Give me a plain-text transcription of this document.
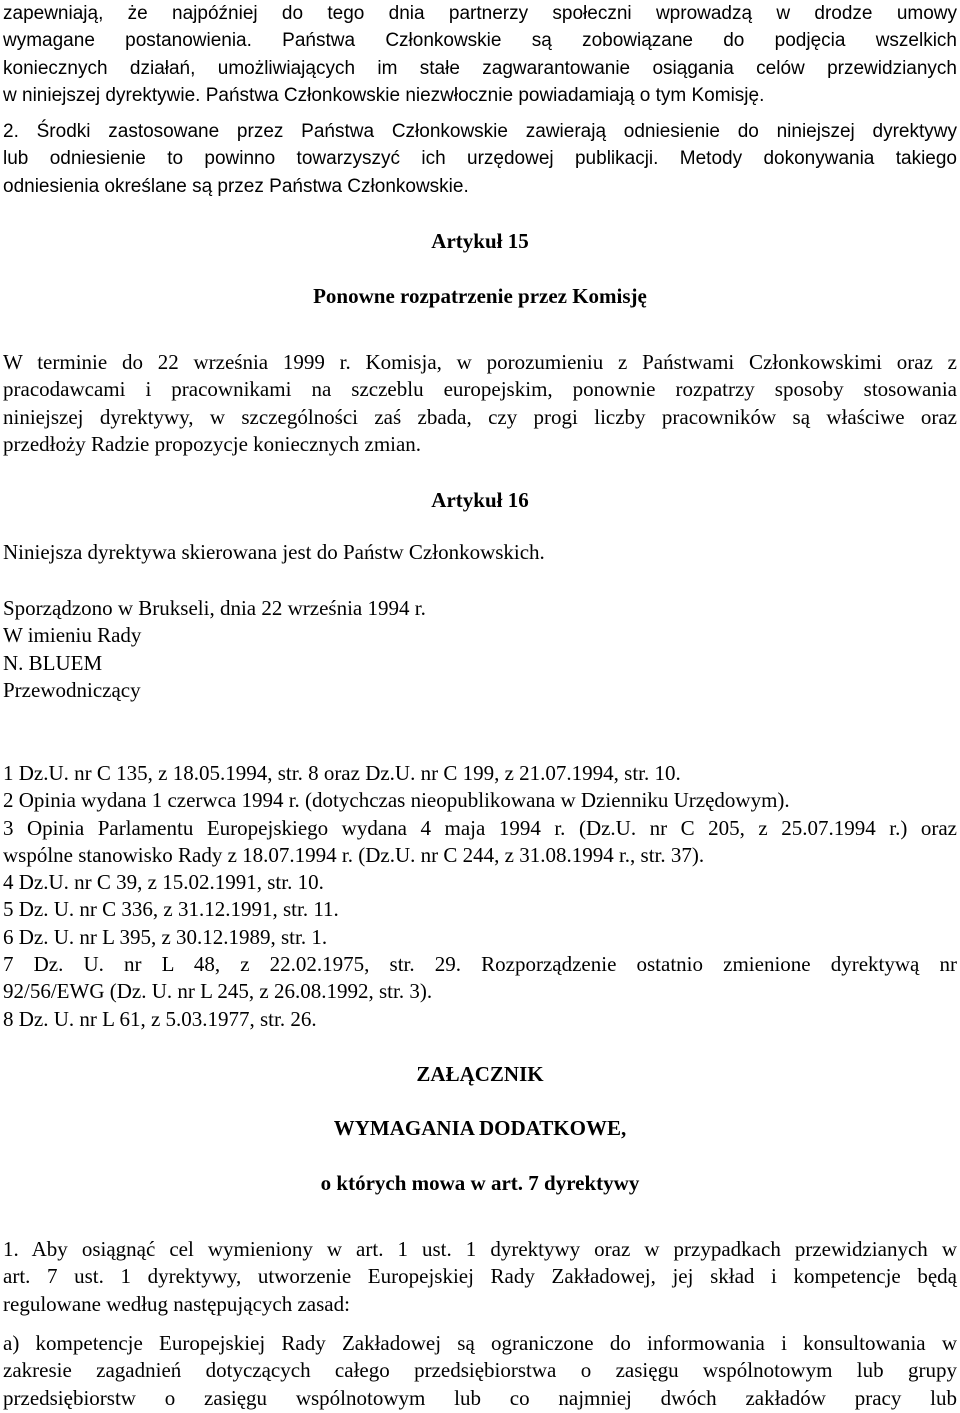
zapewniają, że najpóźniej do tego dnia partnerzy społeczni wprowadzą w drodze umowy
wymagane postanowienia. Państwa Członkowskie są zobowiązane do podjęcia wszelkich
koniecznych działań, umożliwiających im stałe zagwarantowanie osiągania celów przewidzianych
w niniejszej dyrektywie. Państwa Członkowskie niezwłocznie powiadamiają o tym Komisję.
2. Środki zastosowane przez Państwa Członkowskie zawierają odniesienie do niniejszej dyrektywy
lub odniesienie to powinno towarzyszyć ich urzędowej publikacji. Metody dokonywania takiego
odniesienia określane są przez Państwa Członkowskie.
Artykuł 15
Ponowne rozpatrzenie przez Komisję
W terminie do 22 września 1999 r. Komisja, w porozumieniu z Państwami Członkowskimi oraz z
pracodawcami i pracownikami na szczeblu europejskim, ponownie rozpatrzy sposoby stosowania
niniejszej dyrektywy, w szczególności zaś zbada, czy progi liczby pracowników są właściwe oraz
przedłoży Radzie propozycje koniecznych zmian.
Artykuł 16
Niniejsza dyrektywa skierowana jest do Państw Członkowskich.
Sporządzono w Brukseli, dnia 22 września 1994 r.
W imieniu Rady
N. BLUEM
Przewodniczący
1 Dz.U. nr C 135, z 18.05.1994, str. 8 oraz Dz.U. nr C 199, z 21.07.1994, str. 10.
2 Opinia wydana 1 czerwca 1994 r. (dotychczas nieopublikowana w Dzienniku Urzędowym).
3 Opinia Parlamentu Europejskiego wydana 4 maja 1994 r. (Dz.U. nr C 205, z 25.07.1994 r.) oraz
wspólne stanowisko Rady z 18.07.1994 r. (Dz.U. nr C 244, z 31.08.1994 r., str. 37).
4 Dz.U. nr C 39, z 15.02.1991, str. 10.
5 Dz. U. nr C 336, z 31.12.1991, str. 11.
6 Dz. U. nr L 395, z 30.12.1989, str. 1.
7 Dz. U. nr L 48, z 22.02.1975, str. 29. Rozporządzenie ostatnio zmienione dyrektywą nr
92/56/EWG (Dz. U. nr L 245, z 26.08.1992, str. 3).
8 Dz. U. nr L 61, z 5.03.1977, str. 26.
ZAŁĄCZNIK
WYMAGANIA DODATKOWE,
o których mowa w art. 7 dyrektywy
1. Aby osiągnąć cel wymieniony w art. 1 ust. 1 dyrektywy oraz w przypadkach przewidzianych w
art. 7 ust. 1 dyrektywy, utworzenie Europejskiej Rady Zakładowej, jej skład i kompetencje będą
regulowane według następujących zasad:
a) kompetencje Europejskiej Rady Zakładowej są ograniczone do informowania i konsultowania w
zakresie zagadnień dotyczących całego przedsiębiorstwa o zasięgu wspólnotowym lub grupy
przedsiębiorstw o zasięgu wspólnotowym lub co najmniej dwóch zakładów pracy lub
